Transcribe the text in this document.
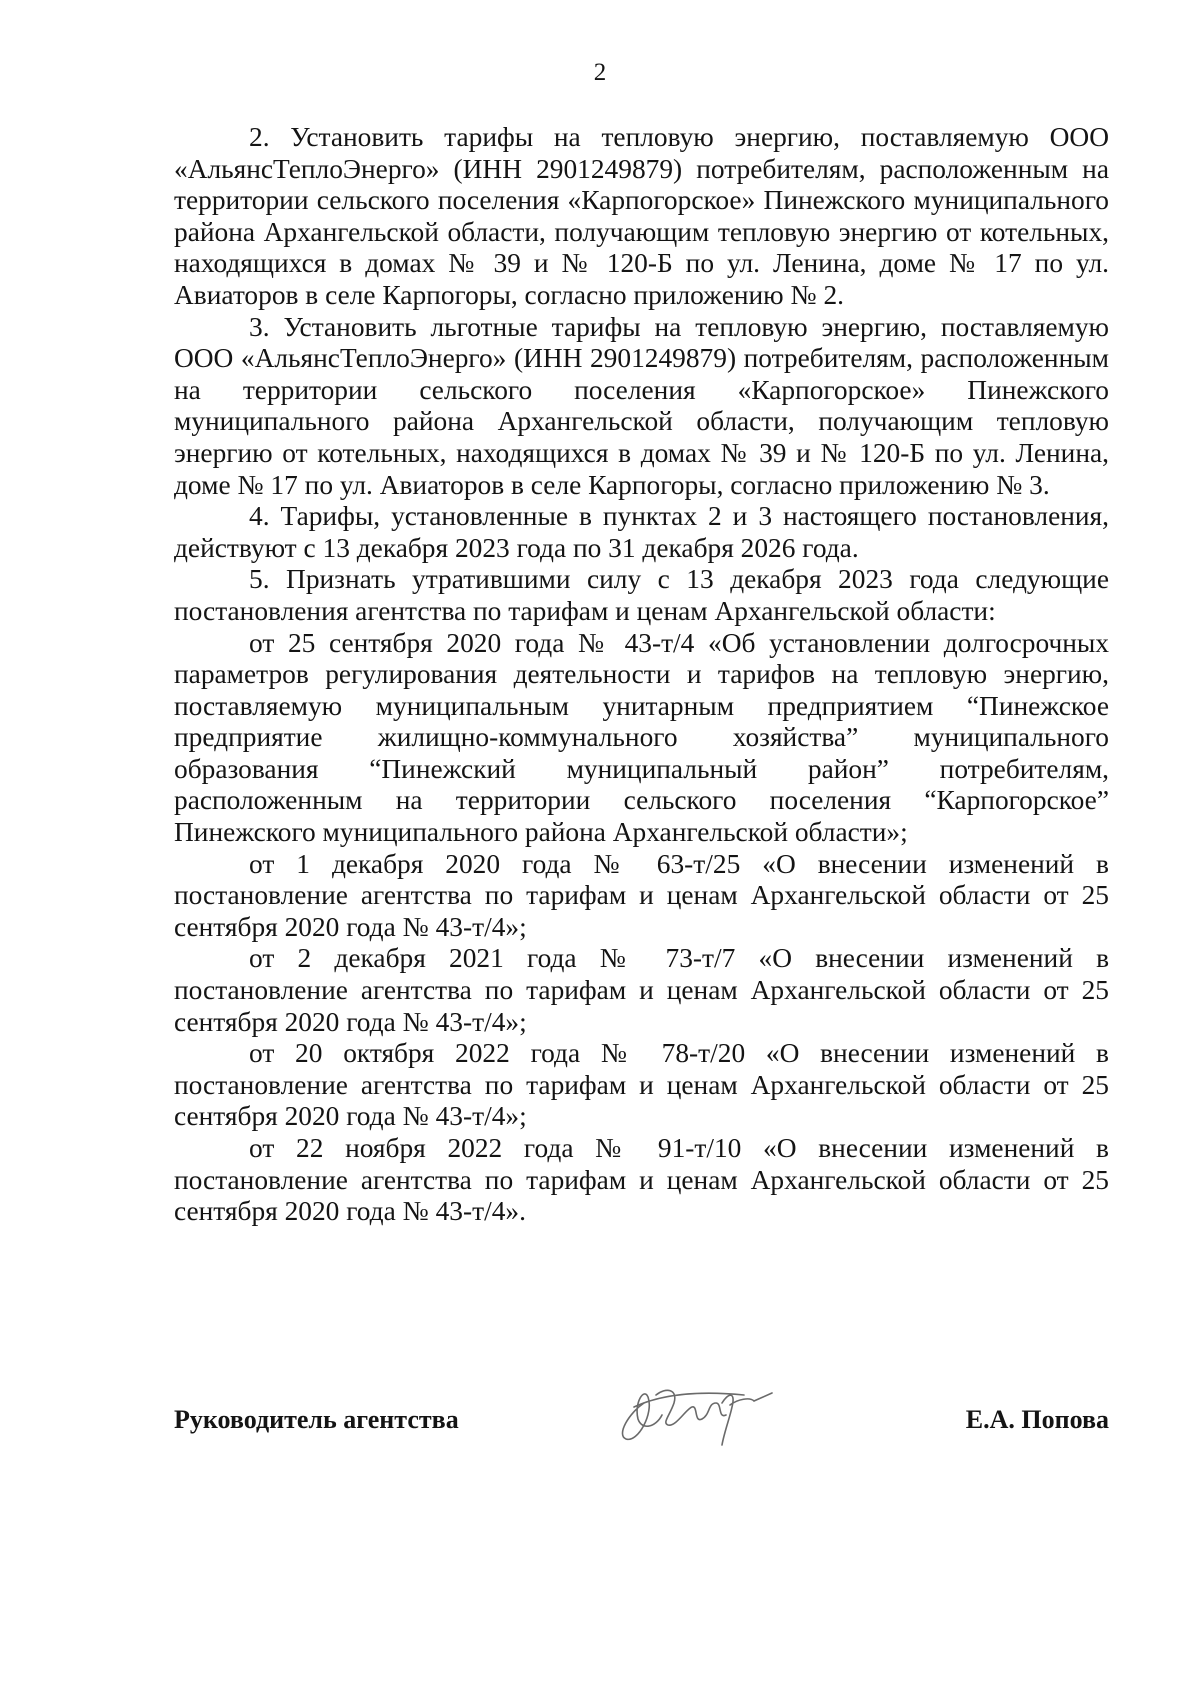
2

2. Установить тарифы на тепловую энергию, поставляемую ООО «АльянсТеплоЭнерго» (ИНН 2901249879) потребителям, расположенным на территории сельского поселения «Карпогорское» Пинежского муниципального района Архангельской области, получающим тепловую энергию от котельных, находящихся в домах № 39 и № 120-Б по ул. Ленина, доме № 17 по ул. Авиаторов в селе Карпогоры, согласно приложению № 2.

3. Установить льготные тарифы на тепловую энергию, поставляемую ООО «АльянсТеплоЭнерго» (ИНН 2901249879) потребителям, расположенным на территории сельского поселения «Карпогорское» Пинежского муниципального района Архангельской области, получающим тепловую энергию от котельных, находящихся в домах № 39 и № 120-Б по ул. Ленина, доме № 17 по ул. Авиаторов в селе Карпогоры, согласно приложению № 3.

4. Тарифы, установленные в пунктах 2 и 3 настоящего постановления, действуют с 13 декабря 2023 года по 31 декабря 2026 года.

5. Признать утратившими силу с 13 декабря 2023 года следующие постановления агентства по тарифам и ценам Архангельской области:

от 25 сентября 2020 года № 43-т/4 «Об установлении долгосрочных параметров регулирования деятельности и тарифов на тепловую энергию, поставляемую муниципальным унитарным предприятием “Пинежское предприятие жилищно-коммунального хозяйства” муниципального образования “Пинежский муниципальный район” потребителям, расположенным на территории сельского поселения “Карпогорское” Пинежского муниципального района Архангельской области»;

от 1 декабря 2020 года № 63-т/25 «О внесении изменений в постановление агентства по тарифам и ценам Архангельской области от 25 сентября 2020 года № 43-т/4»;

от 2 декабря 2021 года № 73-т/7 «О внесении изменений в постановление агентства по тарифам и ценам Архангельской области от 25 сентября 2020 года № 43-т/4»;

от 20 октября 2022 года № 78-т/20 «О внесении изменений в постановление агентства по тарифам и ценам Архангельской области от 25 сентября 2020 года № 43-т/4»;

от 22 ноября 2022 года № 91-т/10 «О внесении изменений в постановление агентства по тарифам и ценам Архангельской области от 25 сентября 2020 года № 43-т/4».

Руководитель агентства	Е.А. Попова
